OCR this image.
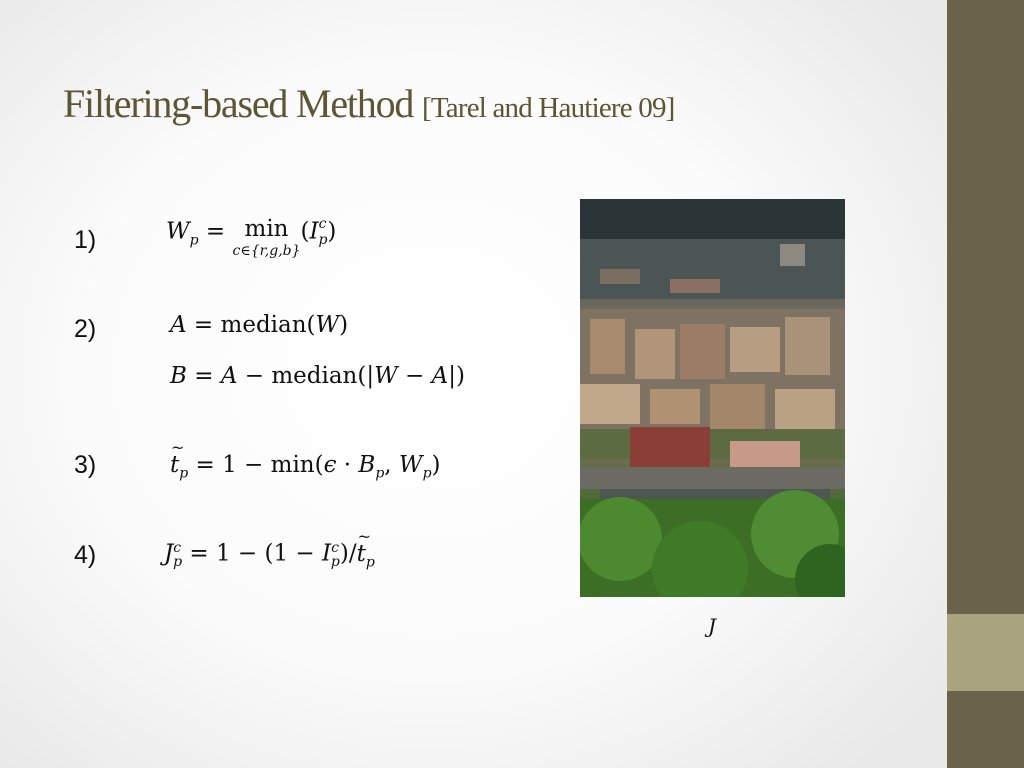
Filtering-based Method [Tarel and Hautiere 09]
1)	$W_p = \min$
c∈{r,g,b}
$(I^c_p)$
2)	A = median(W)
B = A − median(|W − A|)
3)
~	$t_p = 1 - \min(\epsilon \cdot B_p$, $W_p$)
4)	$J^c_p = 1 - (1$ − $I^c_p)/\sim$ $t_p$
J
